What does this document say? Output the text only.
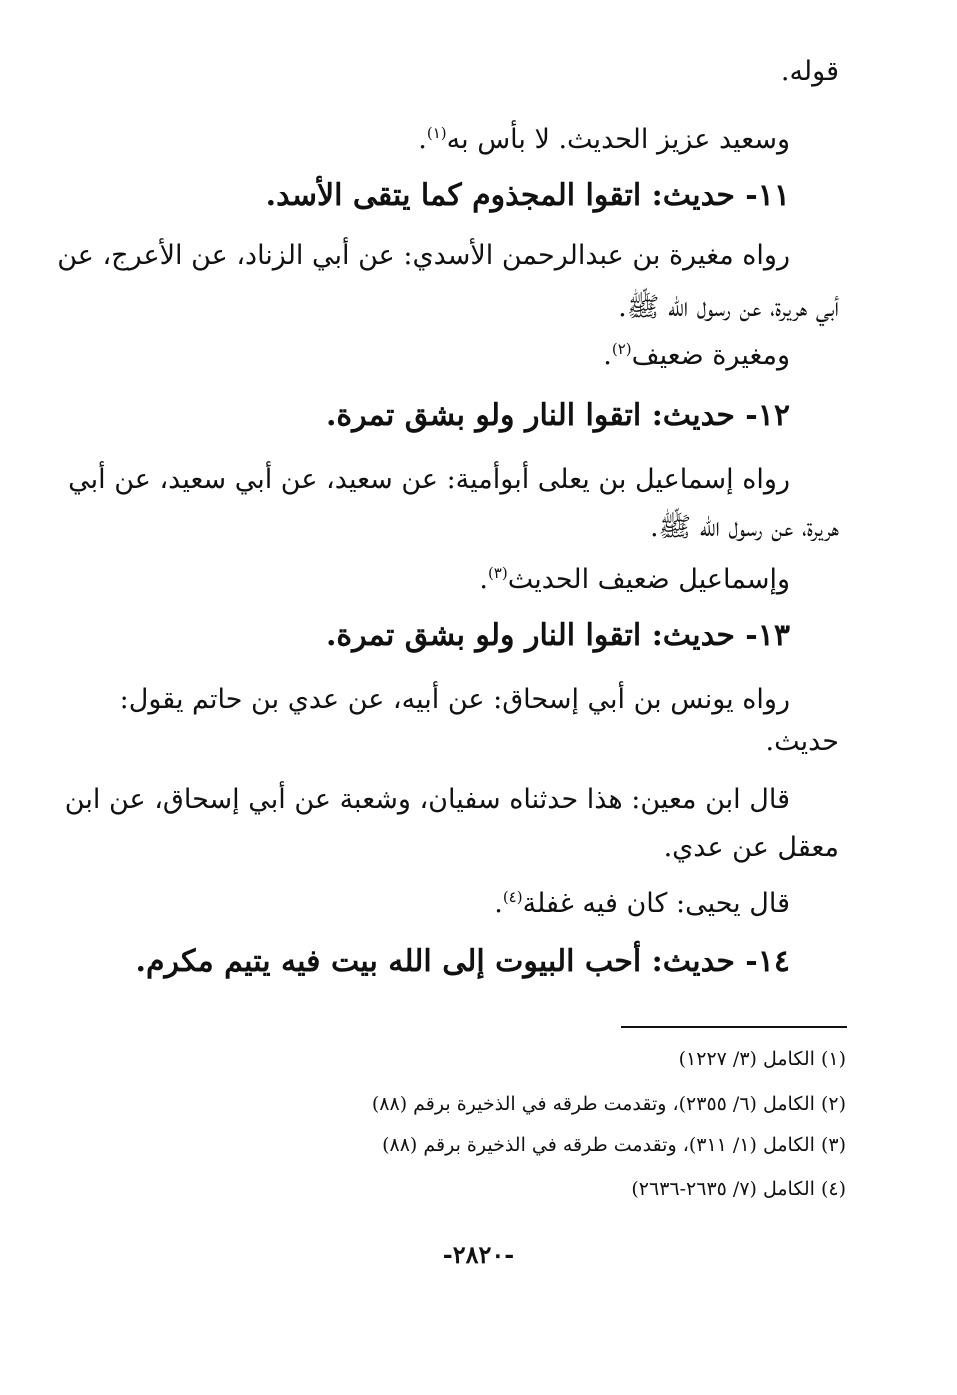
قوله.
وسعيد عزيز الحديث. لا بأس به$^{(١)}$.
١١- حديث: اتقوا المجذوم كما يتقى الأسد.
رواه مغيرة بن عبدالرحمن الأسدي: عن أبي الزناد، عن الأعرج، عن
أبي هريرة، عن رسول الله ﷺ.
ومغيرة ضعيف$^{(٢)}$.
١٢- حديث: اتقوا النار ولو بشق تمرة.
رواه إسماعيل بن يعلى أبوأمية: عن سعيد، عن أبي سعيد، عن أبي
هريرة، عن رسول الله ﷺ.
وإسماعيل ضعيف الحديث$^{(٣)}$.
١٣- حديث: اتقوا النار ولو بشق تمرة.
رواه يونس بن أبي إسحاق: عن أبيه، عن عدي بن حاتم يقول:
حديث.
قال ابن معين: هذا حدثناه سفيان، وشعبة عن أبي إسحاق، عن ابن
معقل عن عدي.
قال يحيى: كان فيه غفلة$^{(٤)}$.
١٤- حديث: أحب البيوت إلى الله بيت فيه يتيم مكرم.
(١) الكامل (٣/ ١٢٢٧)
(٢) الكامل (٦/ ٢٣٥٥)، وتقدمت طرقه في الذخيرة برقم (٨٨)
(٣) الكامل (١/ ٣١١)، وتقدمت طرقه في الذخيرة برقم (٨٨)
(٤) الكامل (٧/ ٢٦٣٥-٢٦٣٦)
-٢٨٢٠-
